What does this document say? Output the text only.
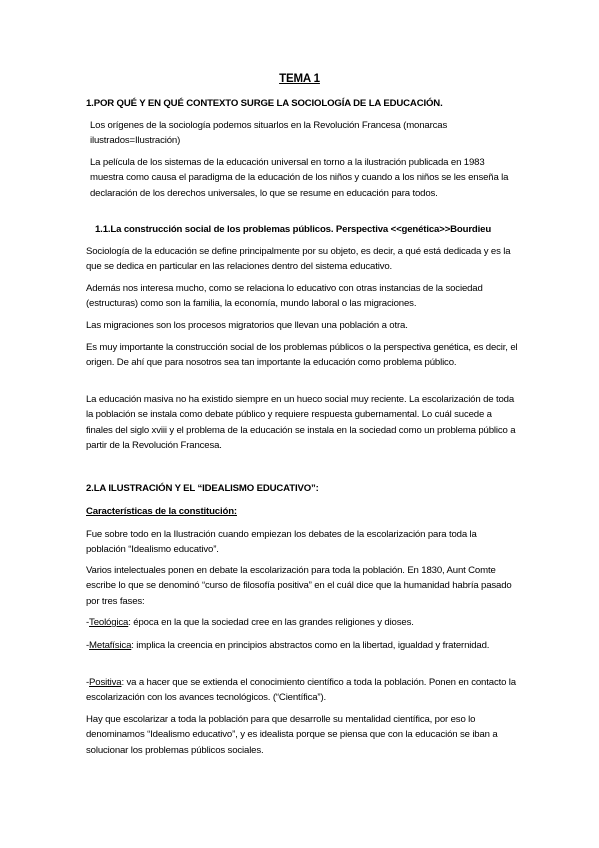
TEMA 1

1.POR QUÉ Y EN QUÉ CONTEXTO SURGE LA SOCIOLOGÍA DE LA EDUCACIÓN.

Los orígenes de la sociología podemos situarlos en la Revolución Francesa (monarcas ilustrados=Ilustración)

La película de los sistemas de la educación universal en torno a la ilustración publicada en 1983 muestra como causa el paradigma de la educación de los niños y cuando a los niños se les enseña la declaración de los derechos universales, lo que se resume en educación para todos.

1.1.La construcción social de los problemas públicos. Perspectiva <<genética>>Bourdieu

Sociología de la educación se define principalmente por su objeto, es decir, a qué está dedicada y es la que se dedica en particular en las relaciones dentro del sistema educativo.

Además nos interesa mucho, como se relaciona lo educativo con otras instancias de la sociedad (estructuras) como son la familia, la economía, mundo laboral o las migraciones.

Las migraciones son los procesos migratorios que llevan una población a otra.

Es muy importante la construcción social de los problemas públicos o la perspectiva genética, es decir, el origen. De ahí que para nosotros sea tan importante la educación como problema público.

La educación masiva no ha existido siempre en un hueco social muy reciente. La escolarización de toda la población se instala como debate público y requiere respuesta gubernamental. Lo cuál sucede a finales del siglo xviii y el problema de la educación se instala en la sociedad como un problema público a partir de la Revolución Francesa.

2.LA ILUSTRACIÓN Y EL “IDEALISMO EDUCATIVO”:

Características de la constitución:

Fue sobre todo en la Ilustración cuando empiezan los debates de la escolarización para toda la población “Idealismo educativo”.

Varios intelectuales ponen en debate la escolarización para toda la población. En 1830, Aunt Comte escribe lo que se denominó “curso de filosofía positiva” en el cuál dice que la humanidad habría pasado por tres fases:

-Teológica: época en la que la sociedad cree en las grandes religiones y dioses.

-Metafísica: implica la creencia en principios abstractos como en la libertad, igualdad y fraternidad.

-Positiva: va a hacer que se extienda el conocimiento científico a toda la población. Ponen en contacto la escolarización con los avances tecnológicos. (“Científica”).

Hay que escolarizar a toda la población para que desarrolle su mentalidad científica, por eso lo denominamos “Idealismo educativo”, y es idealista porque se piensa que con la educación se iban a solucionar los problemas públicos sociales.
